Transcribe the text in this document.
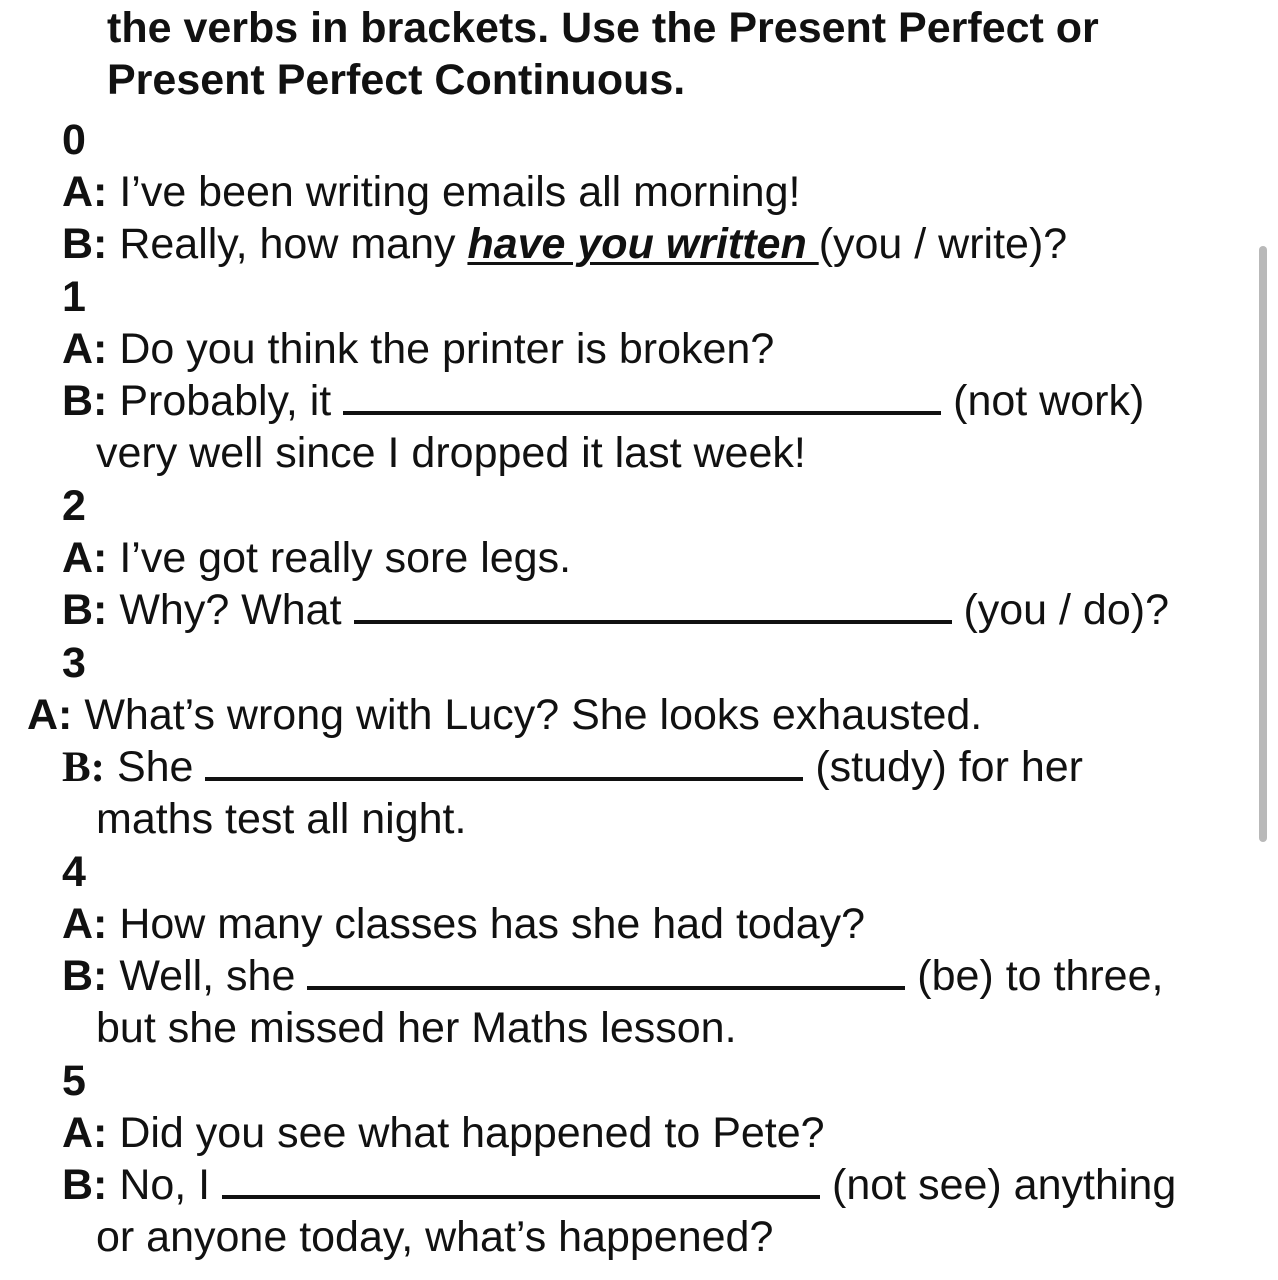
the verbs in brackets. Use the Present Perfect or
Present Perfect Continuous.
0
A: I’ve been writing emails all morning!
B: Really, how many have you written (you / write)?
1
A: Do you think the printer is broken?
B: Probably, it	(not work)
very well since I dropped it last week!
2
A: I’ve got really sore legs.
B: Why? What	(you / do)?
3
A: What’s wrong with Lucy? She looks exhausted.
B: She	(study) for her
maths test all night.
4
A: How many classes has she had today?
B: Well, she	(be) to three,
but she missed her Maths lesson.
5
A: Did you see what happened to Pete?
B: No, I	(not see) anything
or anyone today, what’s happened?
